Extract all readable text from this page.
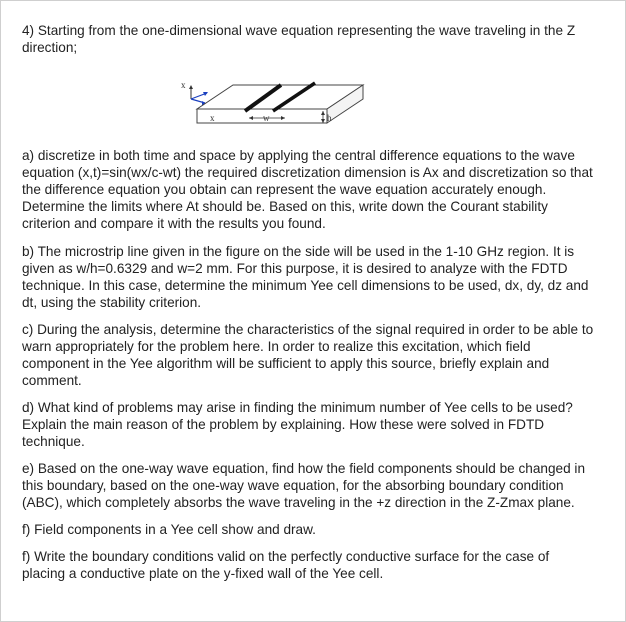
4) Starting from the one-dimensional wave equation representing the wave traveling in the Z direction;

x
w
x	h

a) discretize in both time and space by applying the central difference equations to the wave equation (x,t)=sin(wx/c-wt) the required discretization dimension is Ax and discretization so that the difference equation you obtain can represent the wave equation accurately enough. Determine the limits where At should be. Based on this, write down the Courant stability criterion and compare it with the results you found.

b) The microstrip line given in the figure on the side will be used in the 1-10 GHz region. It is given as w/h=0.6329 and w=2 mm. For this purpose, it is desired to analyze with the FDTD technique. In this case, determine the minimum Yee cell dimensions to be used, dx, dy, dz and dt, using the stability criterion.

c) During the analysis, determine the characteristics of the signal required in order to be able to warn appropriately for the problem here. In order to realize this excitation, which field component in the Yee algorithm will be sufficient to apply this source, briefly explain and comment.

d) What kind of problems may arise in finding the minimum number of Yee cells to be used? Explain the main reason of the problem by explaining. How these were solved in FDTD technique.

e) Based on the one-way wave equation, find how the field components should be changed in this boundary, based on the one-way wave equation, for the absorbing boundary condition (ABC), which completely absorbs the wave traveling in the +z direction in the Z-Zmax plane.

f) Field components in a Yee cell show and draw.

f) Write the boundary conditions valid on the perfectly conductive surface for the case of placing a conductive plate on the y-fixed wall of the Yee cell.
